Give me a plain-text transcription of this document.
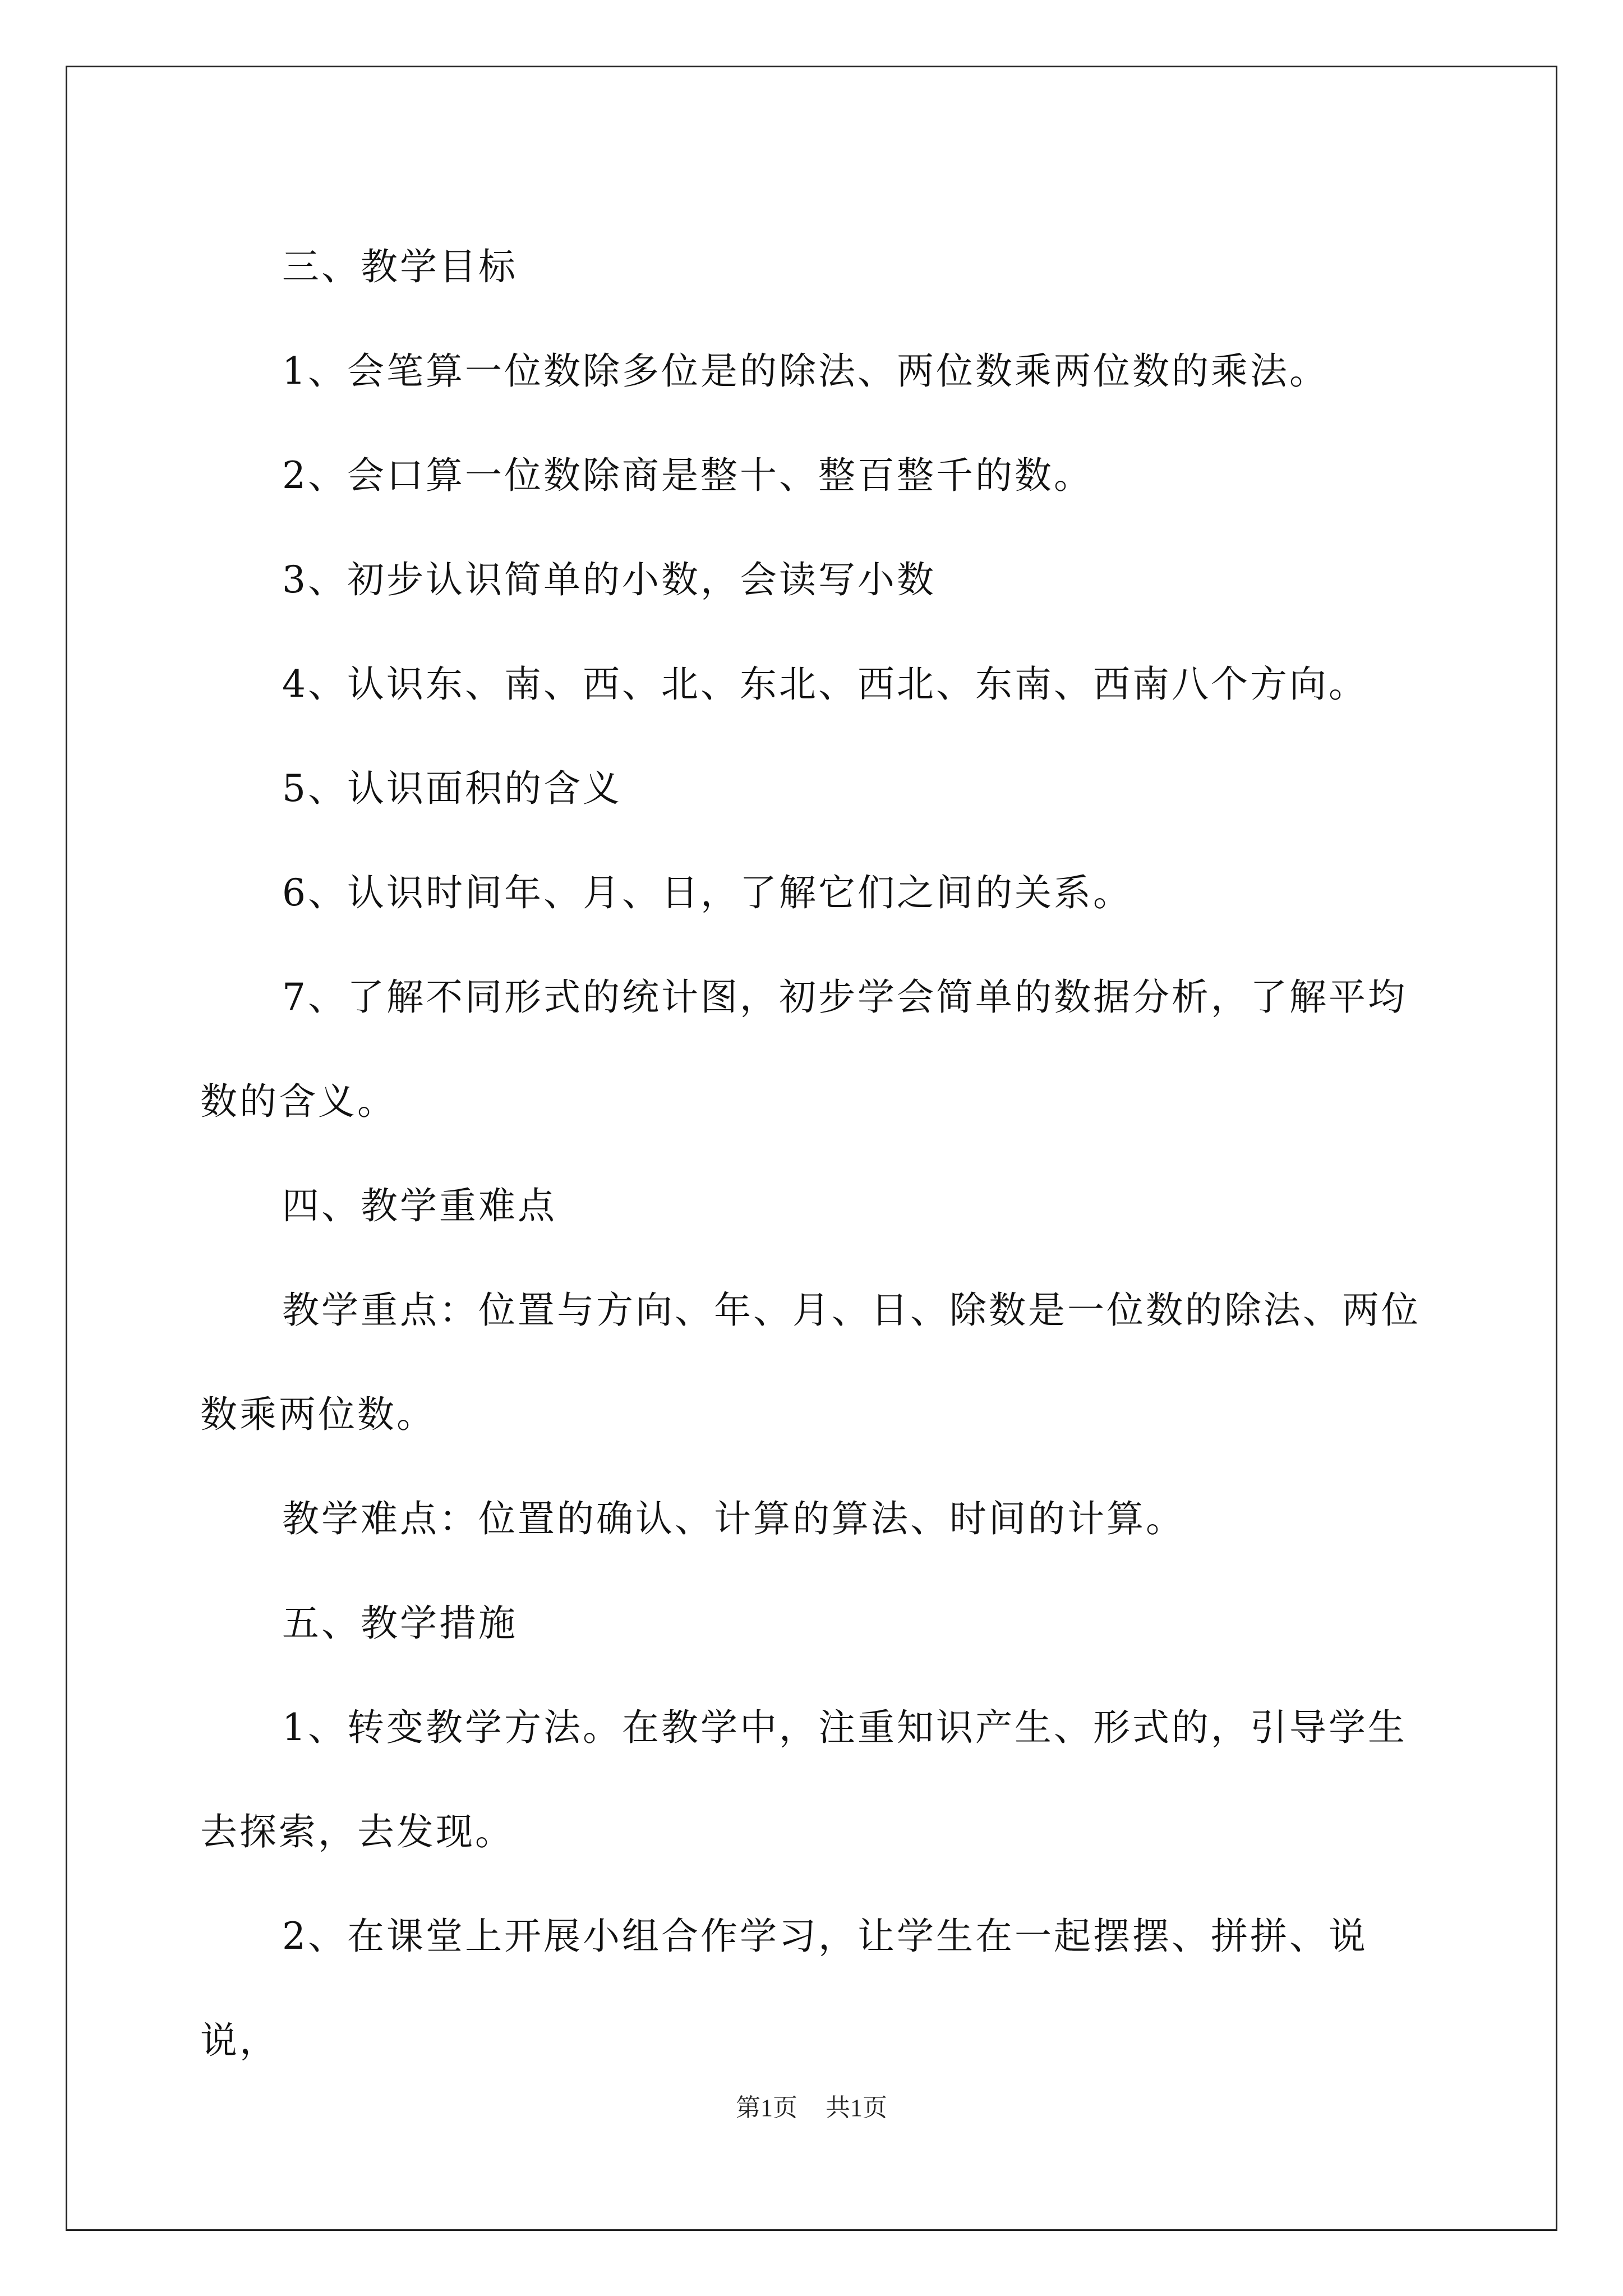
三、教学目标

1、会笔算一位数除多位是的除法、两位数乘两位数的乘法。

2、会口算一位数除商是整十、整百整千的数。

3、初步认识简单的小数，会读写小数

4、认识东、南、西、北、东北、西北、东南、西南八个方向。

5、认识面积的含义

6、认识时间年、月、日，了解它们之间的关系。

7、了解不同形式的统计图，初步学会简单的数据分析，了解平均数的含义。

四、教学重难点

教学重点：位置与方向、年、月、日、除数是一位数的除法、两位数乘两位数。

教学难点：位置的确认、计算的算法、时间的计算。

五、教学措施

1、转变教学方法。在教学中，注重知识产生、形式的，引导学生去探索，去发现。

2、在课堂上开展小组合作学习，让学生在一起摆摆、拼拼、说说，

第1页 共1页
